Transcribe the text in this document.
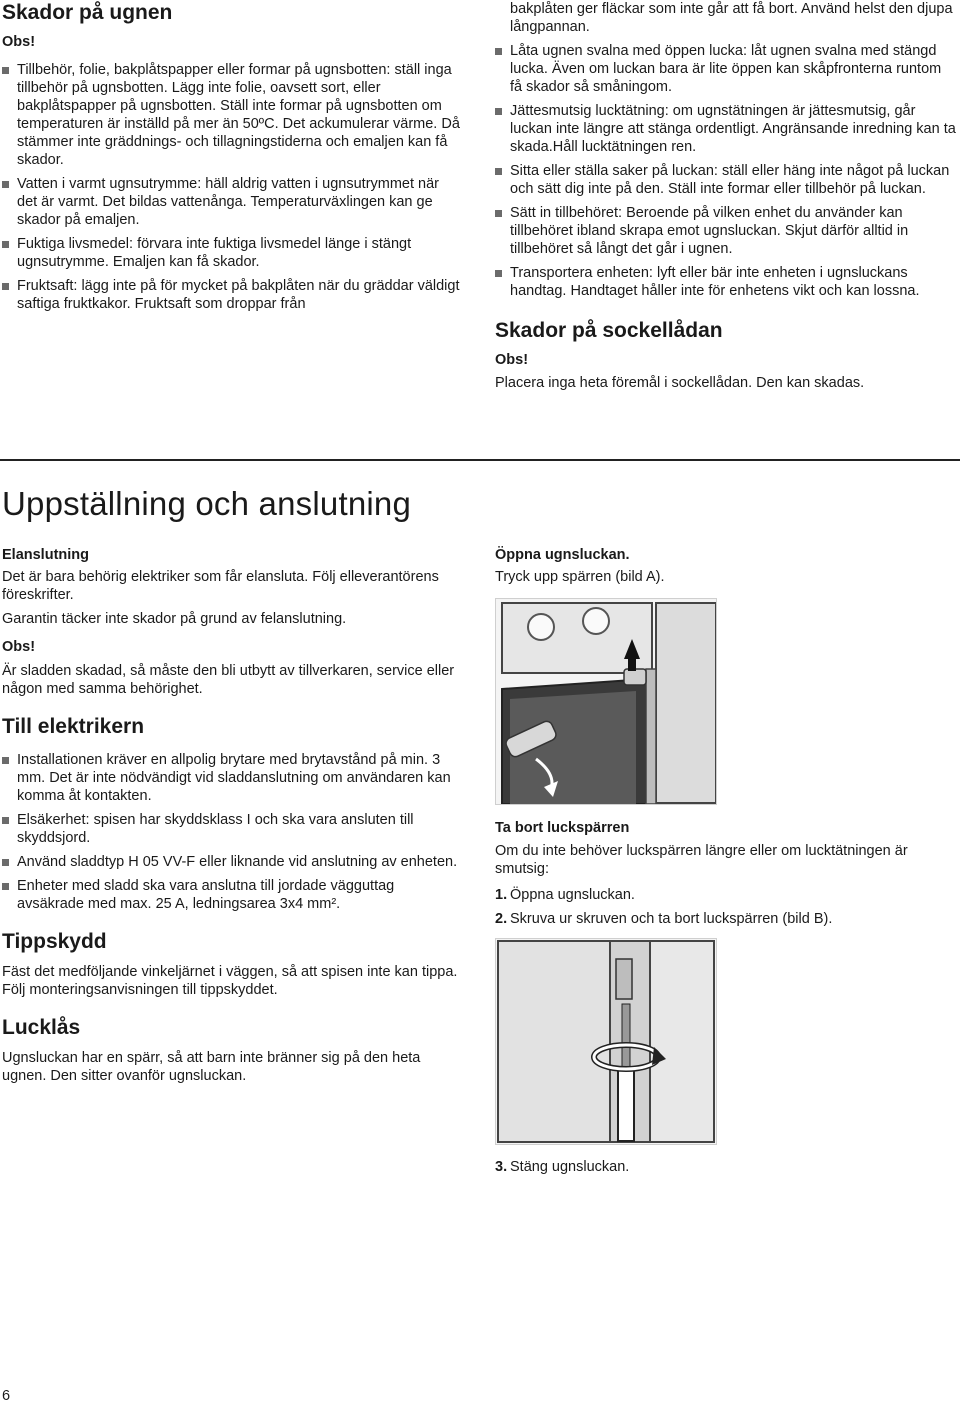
Skador på ugnen
Obs!
Tillbehör, folie, bakplåtspapper eller formar på ugnsbotten: ställ inga tillbehör på ugnsbotten. Lägg inte folie, oavsett sort, eller bakplåtspapper på ugnsbotten. Ställ inte formar på ugnsbotten om temperaturen är inställd på mer än 50ºC. Det ackumulerar värme. Då stämmer inte gräddnings- och tillagningstiderna och emaljen kan få skador.
Vatten i varmt ugnsutrymme: häll aldrig vatten i ugnsutrymmet när det är varmt. Det bildas vattenånga. Temperaturväxlingen kan ge skador på emaljen.
Fuktiga livsmedel: förvara inte fuktiga livsmedel länge i stängt ugnsutrymme. Emaljen kan få skador.
Fruktsaft: lägg inte på för mycket på bakplåten när du gräddar väldigt saftiga fruktkakor. Fruktsaft som droppar från

bakplåten ger fläckar som inte går att få bort. Använd helst den djupa långpannan.

Låta ugnen svalna med öppen lucka: låt ugnen svalna med stängd lucka. Även om luckan bara är lite öppen kan skåpfronterna runtom få skador så småningom.
Jättesmutsig lucktätning: om ugnstätningen är jättesmutsig, går luckan inte längre att stänga ordentligt. Angränsande inredning kan ta skada.Håll lucktätningen ren.
Sitta eller ställa saker på luckan: ställ eller häng inte något på luckan och sätt dig inte på den. Ställ inte formar eller tillbehör på luckan.
Sätt in tillbehöret: Beroende på vilken enhet du använder kan tillbehöret ibland skrapa emot ugnsluckan. Skjut därför alltid in tillbehöret så långt det går i ugnen.
Transportera enheten: lyft eller bär inte enheten i ugnsluckans handtag. Handtaget håller inte för enhetens vikt och kan lossna.
Skador på sockellådan
Obs!

Placera inga heta föremål i sockellådan. Den kan skadas.

Uppställning och anslutning
Elanslutning

Det är bara behörig elektriker som får elansluta. Följ elleverantörens föreskrifter.

Garantin täcker inte skador på grund av felanslutning.

Obs!

Är sladden skadad, så måste den bli utbytt av tillverkaren, service eller någon med samma behörighet.

Till elektrikern
Installationen kräver en allpolig brytare med brytavstånd på min. 3 mm. Det är inte nödvändigt vid sladdanslutning om användaren kan komma åt kontakten.
Elsäkerhet: spisen har skyddsklass I och ska vara ansluten till skyddsjord.
Använd sladdtyp H 05 VV-F eller liknande vid anslutning av enheten.
Enheter med sladd ska vara anslutna till jordade vägguttag avsäkrade med max. 25 A, ledningsarea 3x4 mm².
Tippskydd

Fäst det medföljande vinkeljärnet i väggen, så att spisen inte kan tippa. Följ monteringsanvisningen till tippskyddet.

Lucklås

Ugnsluckan har en spärr, så att barn inte bränner sig på den heta ugnen. Den sitter ovanför ugnsluckan.

Öppna ugnsluckan.

Tryck upp spärren (bild A).

Ta bort luckspärren

Om du inte behöver luckspärren längre eller om lucktätningen är smutsig:

1. Öppna ugnsluckan.
2. Skruva ur skruven och ta bort luckspärren (bild B).
3. Stäng ugnsluckan.
6
